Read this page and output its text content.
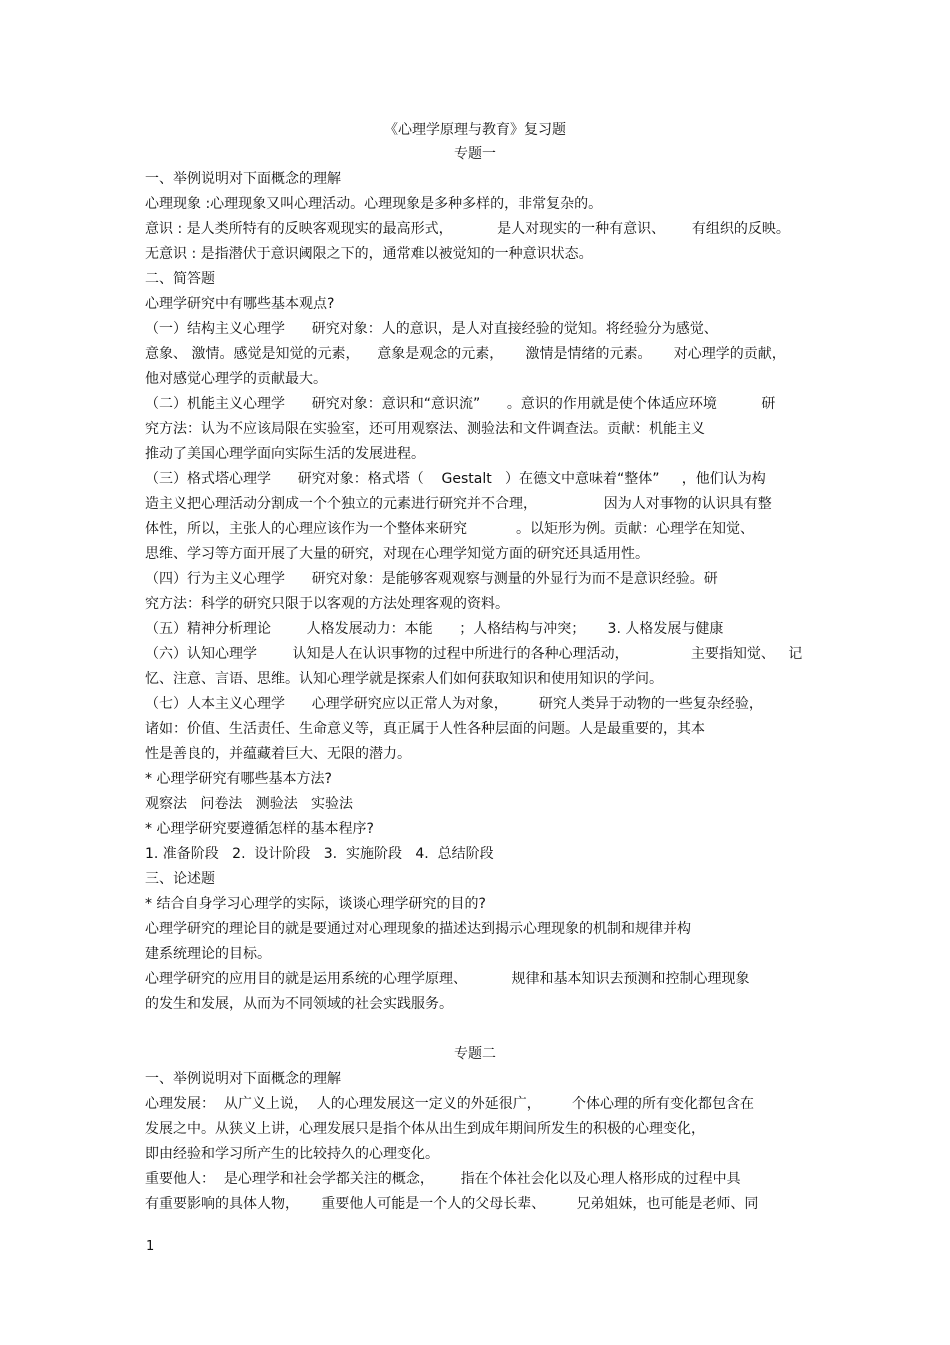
《心理学原理与教育》复习题
专题一
一、举例说明对下面概念的理解
心理现象 :心理现象又叫心理活动。心理现象是多种多样的，非常复杂的。
意识 : 是人类所特有的反映客观现实的最高形式，          是人对现实的一种有意识、      有组织的反映。
无意识 : 是指潜伏于意识阈限之下的，通常难以被觉知的一种意识状态。
二、简答题
心理学研究中有哪些基本观点?
（一）结构主义心理学      研究对象：人的意识，是人对直接经验的觉知。将经验分为感觉、
意象、 激情。感觉是知觉的元素，    意象是观念的元素，     激情是情绪的元素。     对心理学的贡献，
他对感觉心理学的贡献最大。
（二）机能主义心理学      研究对象：意识和“意识流”      。意识的作用就是使个体适应环境          研
究方法：认为不应该局限在实验室，还可用观察法、测验法和文件调查法。贡献：机能主义
推动了美国心理学面向实际生活的发展进程。
（三）格式塔心理学      研究对象：格式塔（    Gestalt   ）在德文中意味着“整体”     ，他们认为构
造主义把心理活动分割成一个个独立的元素进行研究并不合理，               因为人对事物的认识具有整
体性，所以，主张人的心理应该作为一个整体来研究           。以矩形为例。贡献：心理学在知觉、
思维、学习等方面开展了大量的研究，对现在心理学知觉方面的研究还具适用性。
（四）行为主义心理学      研究对象：是能够客观观察与测量的外显行为而不是意识经验。研
究方法：科学的研究只限于以客观的方法处理客观的资料。
（五）精神分析理论        人格发展动力：本能      ；人格结构与冲突；     3. 人格发展与健康
（六）认知心理学        认知是人在认识事物的过程中所进行的各种心理活动，              主要指知觉、   记
忆、注意、言语、思维。认知心理学就是探索人们如何获取知识和使用知识的学问。
（七）人本主义心理学      心理学研究应以正常人为对象，       研究人类异于动物的一些复杂经验，
诸如：价值、生活责任、生命意义等，真正属于人性各种层面的问题。人是最重要的，其本
性是善良的，并蕴藏着巨大、无限的潜力。
* 心理学研究有哪些基本方法?
观察法   问卷法   测验法   实验法
* 心理学研究要遵循怎样的基本程序?
1. 准备阶段   2.  设计阶段   3.  实施阶段   4.  总结阶段
三、论述题
* 结合自身学习心理学的实际，谈谈心理学研究的目的?
心理学研究的理论目的就是要通过对心理现象的描述达到揭示心理现象的机制和规律并构
建系统理论的目标。
心理学研究的应用目的就是运用系统的心理学原理、          规律和基本知识去预测和控制心理现象
的发生和发展，从而为不同领域的社会实践服务。
专题二
一、举例说明对下面概念的理解
心理发展：  从广义上说，  人的心理发展这一定义的外延很广，       个体心理的所有变化都包含在
发展之中。从狭义上讲，心理发展只是指个体从出生到成年期间所发生的积极的心理变化，
即由经验和学习所产生的比较持久的心理变化。
重要他人：  是心理学和社会学都关注的概念，      指在个体社会化以及心理人格形成的过程中具
有重要影响的具体人物，     重要他人可能是一个人的父母长辈、       兄弟姐妹，也可能是老师、同
1
